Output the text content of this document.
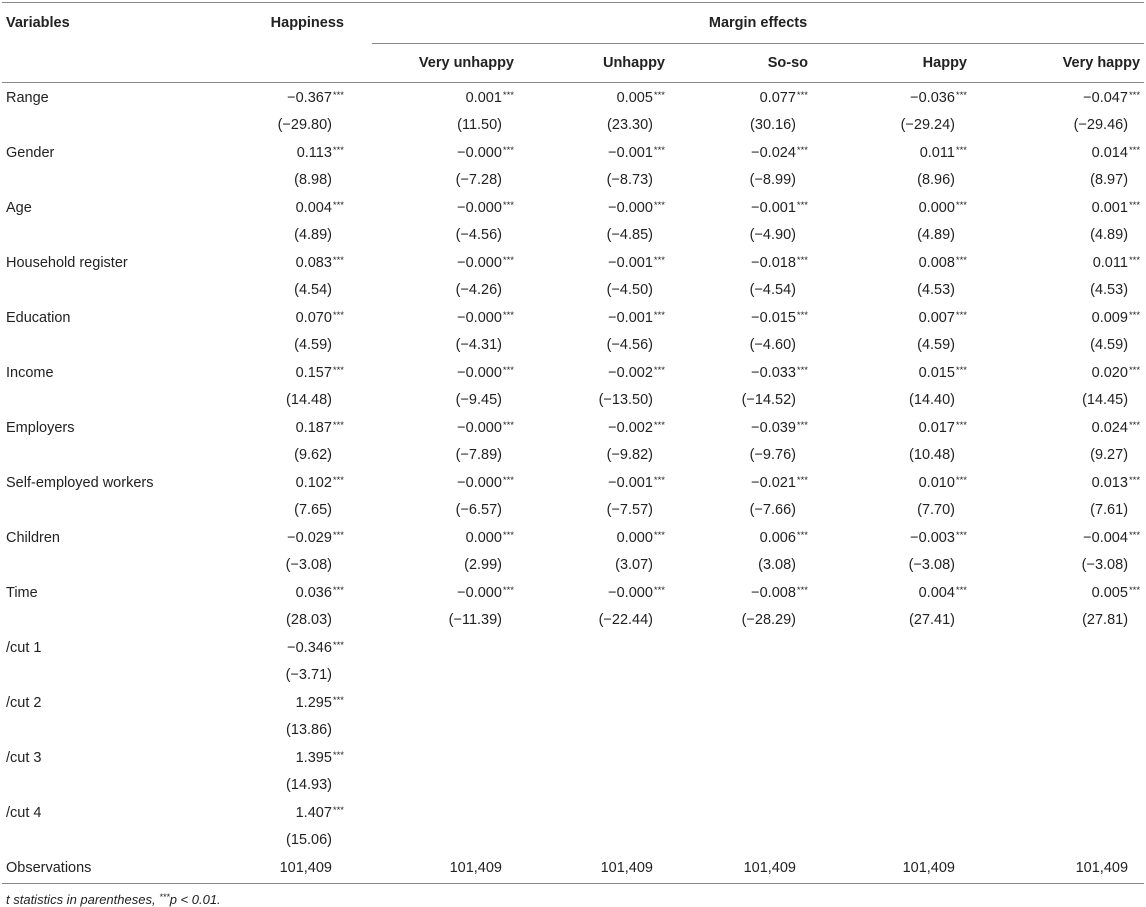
Variables	Happiness	Margin effects				
		Very unhappy	Unhappy	So-so	Happy	Very happy
Range	−0.367***	0.001***	0.005***	0.077***	−0.036***	−0.047***
	(−29.80)	(11.50)	(23.30)	(30.16)	(−29.24)	(−29.46)
Gender	0.113***	−0.000***	−0.001***	−0.024***	0.011***	0.014***
	(8.98)	(−7.28)	(−8.73)	(−8.99)	(8.96)	(8.97)
Age	0.004***	−0.000***	−0.000***	−0.001***	0.000***	0.001***
	(4.89)	(−4.56)	(−4.85)	(−4.90)	(4.89)	(4.89)
Household register	0.083***	−0.000***	−0.001***	−0.018***	0.008***	0.011***
	(4.54)	(−4.26)	(−4.50)	(−4.54)	(4.53)	(4.53)
Education	0.070***	−0.000***	−0.001***	−0.015***	0.007***	0.009***
	(4.59)	(−4.31)	(−4.56)	(−4.60)	(4.59)	(4.59)
Income	0.157***	−0.000***	−0.002***	−0.033***	0.015***	0.020***
	(14.48)	(−9.45)	(−13.50)	(−14.52)	(14.40)	(14.45)
Employers	0.187***	−0.000***	−0.002***	−0.039***	0.017***	0.024***
	(9.62)	(−7.89)	(−9.82)	(−9.76)	(10.48)	(9.27)
Self-employed workers	0.102***	−0.000***	−0.001***	−0.021***	0.010***	0.013***
	(7.65)	(−6.57)	(−7.57)	(−7.66)	(7.70)	(7.61)
Children	−0.029***	0.000***	0.000***	0.006***	−0.003***	−0.004***
	(−3.08)	(2.99)	(3.07)	(3.08)	(−3.08)	(−3.08)
Time	0.036***	−0.000***	−0.000***	−0.008***	0.004***	0.005***
	(28.03)	(−11.39)	(−22.44)	(−28.29)	(27.41)	(27.81)
/cut 1	−0.346***					
	(−3.71)					
/cut 2	1.295***					
	(13.86)					
/cut 3	1.395***					
	(14.93)					
/cut 4	1.407***					
	(15.06)					
Observations	101,409	101,409	101,409	101,409	101,409	101,409
t statistics in parentheses, ***p < 0.01.
